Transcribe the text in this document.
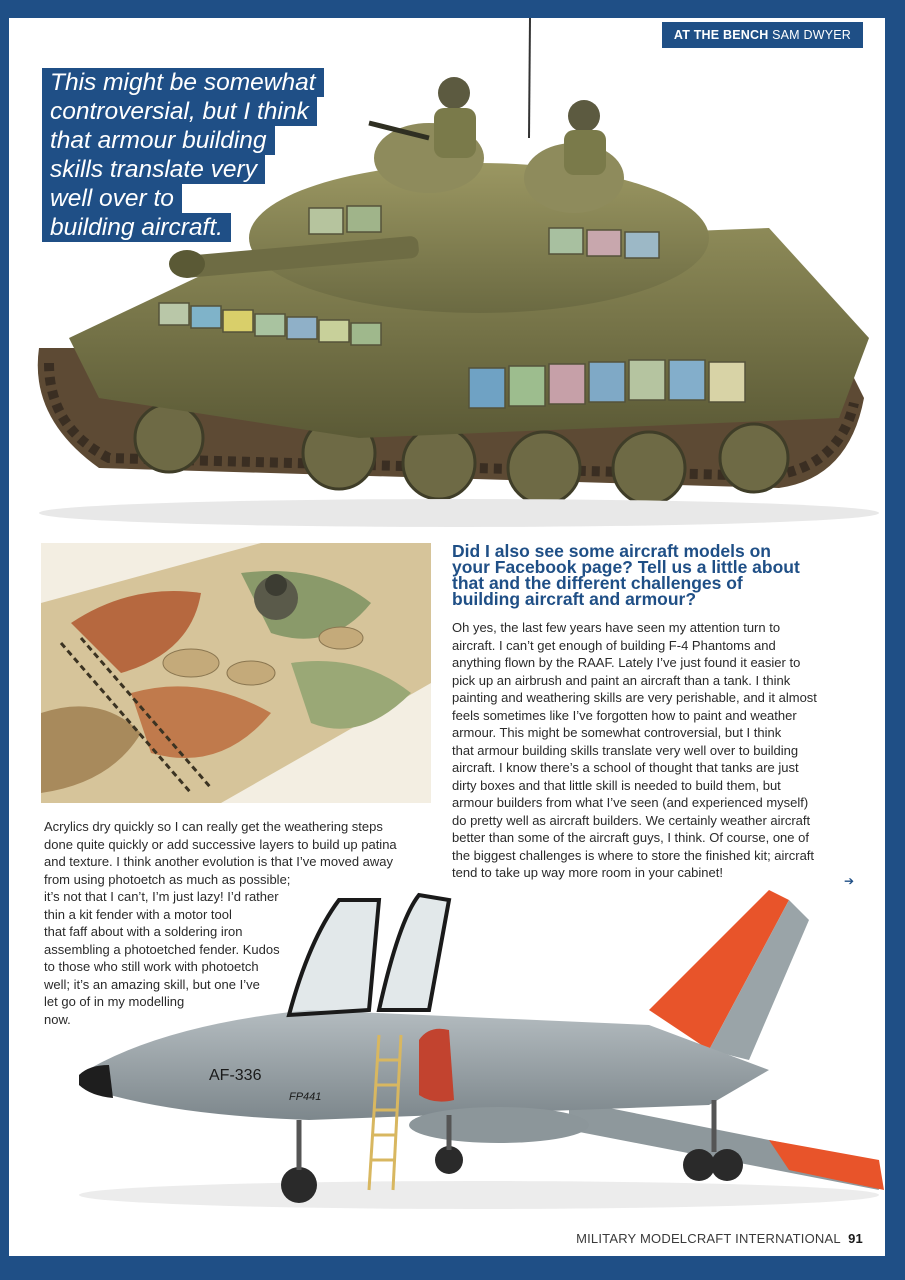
AT THE BENCH SAM DWYER
This might be somewhat
controversial, but I think
that armour building
skills translate very
well over to
building aircraft.
Did I also see some aircraft models on
your Facebook page? Tell us a little about
that and the different challenges of
building aircraft and armour?
Oh yes, the last few years have seen my attention turn to
aircraft. I can’t get enough of building F-4 Phantoms and
anything flown by the RAAF. Lately I’ve just found it easier to
pick up an airbrush and paint an aircraft than a tank. I think
painting and weathering skills are very perishable, and it almost
feels sometimes like I’ve forgotten how to paint and weather
armour. This might be somewhat controversial, but I think
that armour building skills translate very well over to building
aircraft. I know there’s a school of thought that tanks are just
dirty boxes and that little skill is needed to build them, but
armour builders from what I’ve seen (and experienced myself)
do pretty well as aircraft builders. We certainly weather aircraft
better than some of the aircraft guys, I think. Of course, one of
the biggest challenges is where to store the finished kit; aircraft
tend to take up way more room in your cabinet!
AF-336
FP441
Acrylics dry quickly so I can really get the weathering steps
done quite quickly or add successive layers to build up patina
and texture. I think another evolution is that I’ve moved away
from using photoetch as much as possible;
it’s not that I can’t, I’m just lazy! I’d rather
thin a kit fender with a motor tool
that faff about with a soldering iron
assembling a photoetched fender. Kudos
to those who still work with photoetch
well; it’s an amazing skill, but one I’ve
let go of in my modelling
now.
➔
MILITARY MODELCRAFT INTERNATIONAL 91
